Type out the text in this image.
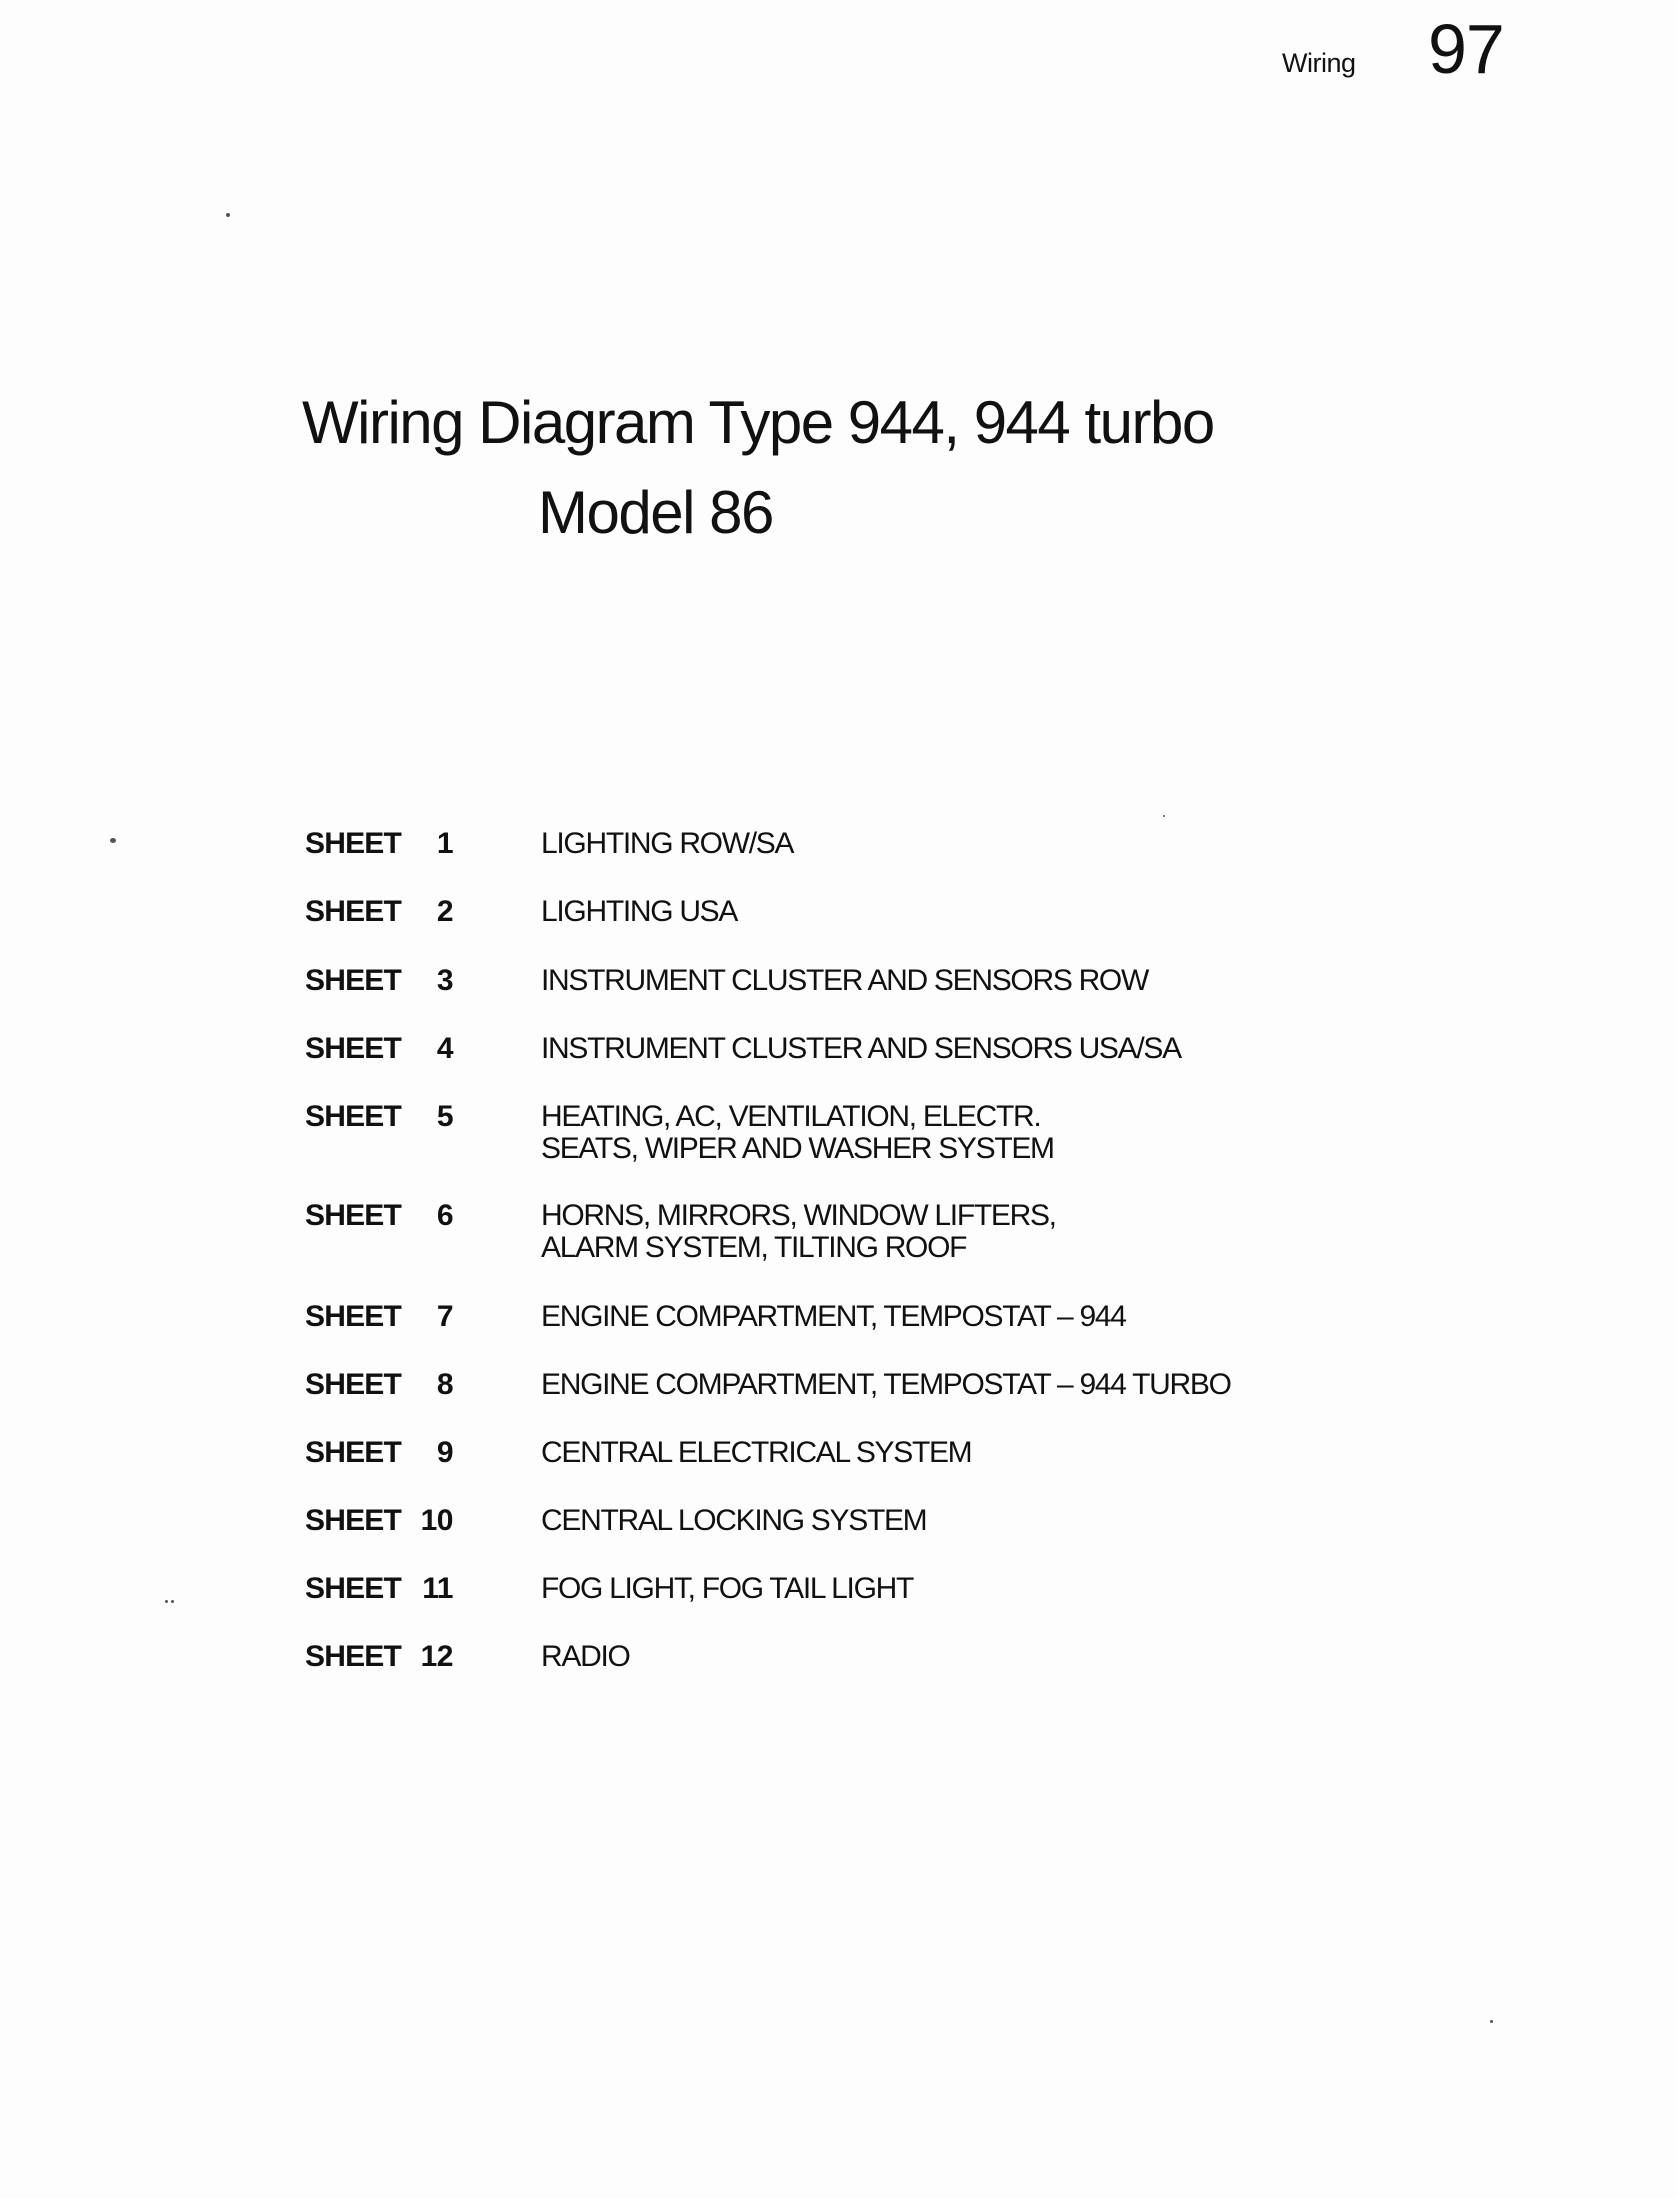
Wiring 97
Wiring Diagram Type 944, 944 turbo
Model 86
SHEET	1	LIGHTING ROW/SA
SHEET	2	LIGHTING USA
SHEET	3	INSTRUMENT CLUSTER AND SENSORS ROW
SHEET	4	INSTRUMENT CLUSTER AND SENSORS USA/SA
SHEET	5	HEATING, AC, VENTILATION, ELECTR.
SEATS, WIPER AND WASHER SYSTEM
SHEET	6	HORNS, MIRRORS, WINDOW LIFTERS,
ALARM SYSTEM, TILTING ROOF
SHEET	7	ENGINE COMPARTMENT, TEMPOSTAT – 944
SHEET	8	ENGINE COMPARTMENT, TEMPOSTAT – 944 TURBO
SHEET	9	CENTRAL ELECTRICAL SYSTEM
SHEET 10	CENTRAL LOCKING SYSTEM
SHEET 11	FOG LIGHT, FOG TAIL LIGHT
SHEET 12	RADIO
